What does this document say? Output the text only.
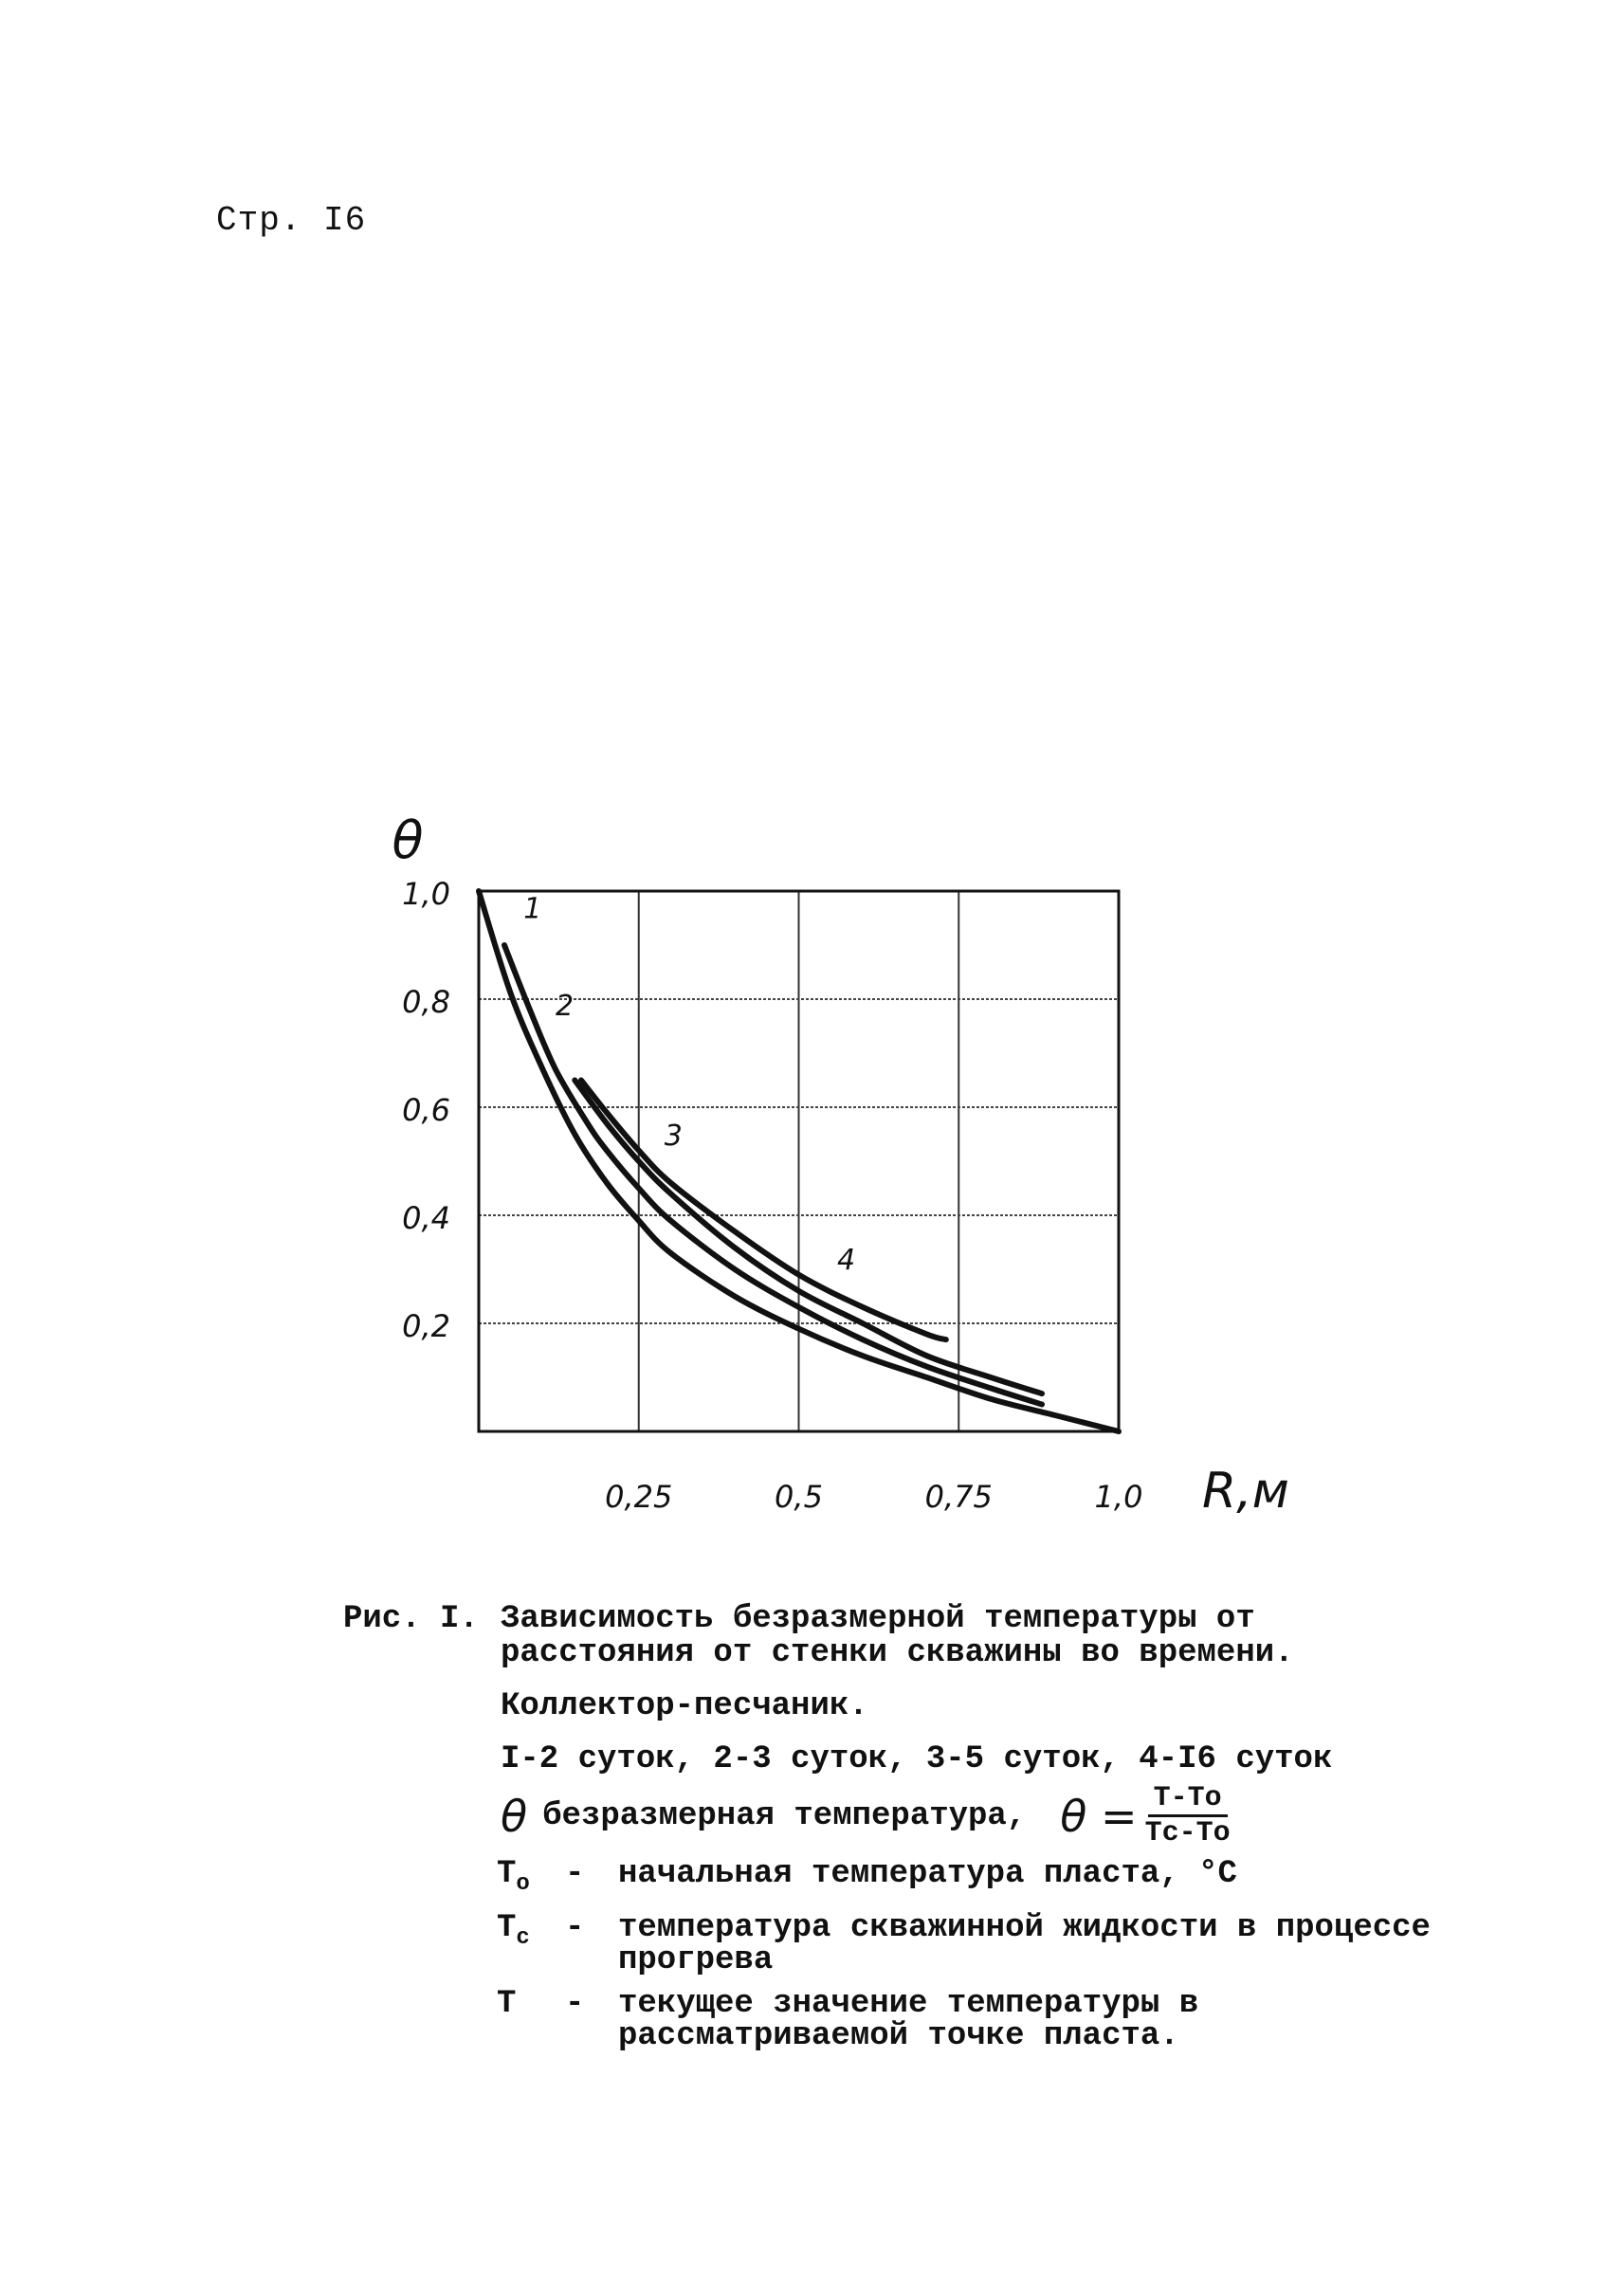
Стр. I6
1,0
0,8
0,6
0,4
0,2
0,25	0,5	0,75	1,0
θ
R,м
1
2
3
4
Рис. I. Зависимость безразмерной температуры от
расстояния от стенки скважины во времени.
Коллектор-песчаник.
I-2 суток, 2-3 суток, 3-5 суток, 4-I6 суток
θ безразмерная температура, $\theta = \frac{T-To}{Tc-To}$
$T_o$	-	начальная температура пласта, °C
$T_c$	-	температура скважинной жидкости в процессе прогрева
T	-	текущее значение температуры в рассматриваемой точке пласта.
